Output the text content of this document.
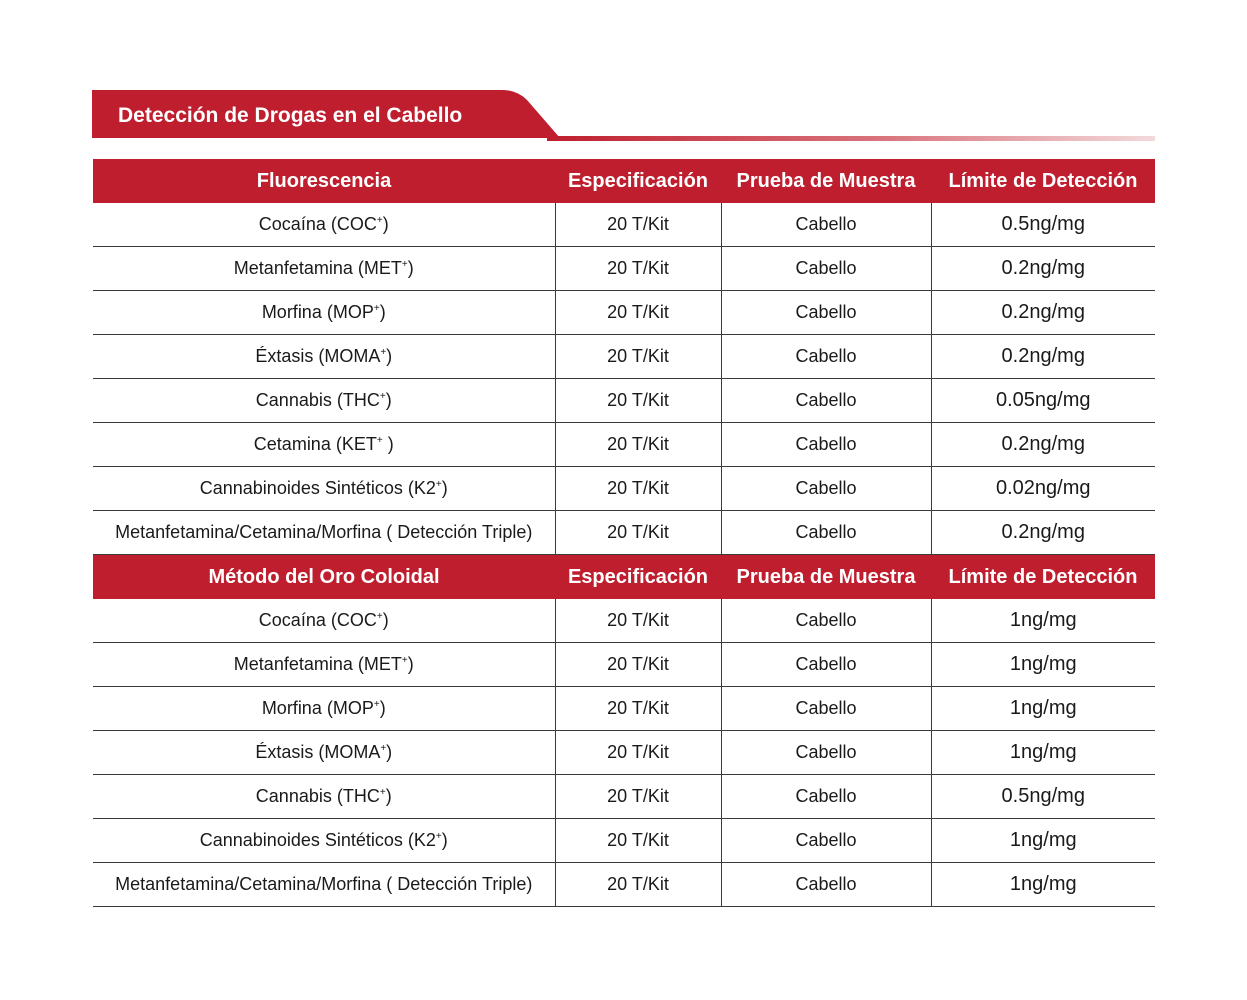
Detección de Drogas en el Cabello
Fluorescencia	Especificación	Prueba de Muestra	Límite de Detección
Cocaína (COC+)	20 T/Kit	Cabello	0.5ng/mg
Metanfetamina (MET+)	20 T/Kit	Cabello	0.2ng/mg
Morfina (MOP+)	20 T/Kit	Cabello	0.2ng/mg
Éxtasis (MOMA+)	20 T/Kit	Cabello	0.2ng/mg
Cannabis (THC+)	20 T/Kit	Cabello	0.05ng/mg
Cetamina (KET+ )	20 T/Kit	Cabello	0.2ng/mg
Cannabinoides Sintéticos (K2+)	20 T/Kit	Cabello	0.02ng/mg
Metanfetamina/Cetamina/Morfina ( Detección Triple)	20 T/Kit	Cabello	0.2ng/mg
Método del Oro Coloidal	Especificación	Prueba de Muestra	Límite de Detección
Cocaína (COC+)	20 T/Kit	Cabello	1ng/mg
Metanfetamina (MET+)	20 T/Kit	Cabello	1ng/mg
Morfina (MOP+)	20 T/Kit	Cabello	1ng/mg
Éxtasis (MOMA+)	20 T/Kit	Cabello	1ng/mg
Cannabis (THC+)	20 T/Kit	Cabello	0.5ng/mg
Cannabinoides Sintéticos (K2+)	20 T/Kit	Cabello	1ng/mg
Metanfetamina/Cetamina/Morfina ( Detección Triple)	20 T/Kit	Cabello	1ng/mg
